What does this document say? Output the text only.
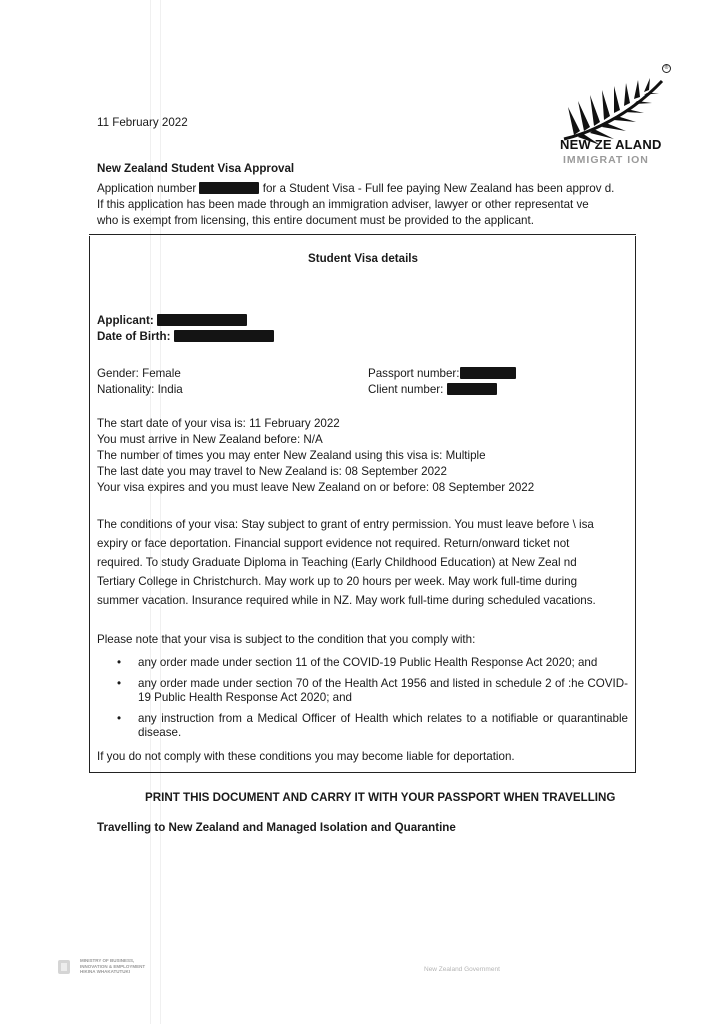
®
NEW ZE ALAND
IMMIGRAT ION
11 February 2022
New Zealand Student Visa Approval
Application number	for a Student Visa - Full fee paying New Zealand has been approv d.
If this application has been made through an immigration adviser, lawyer or other representat ve
who is exempt from licensing, this entire document must be provided to the applicant.
Student Visa details
Applicant:
Date of Birth:
Gender: Female
Nationality: India
Passport number:
Client number:
The start date of your visa is: 11 February 2022
You must arrive in New Zealand before: N/A
The number of times you may enter New Zealand using this visa is: Multiple
The last date you may travel to New Zealand is: 08 September 2022
Your visa expires and you must leave New Zealand on or before: 08 September 2022
The conditions of your visa: Stay subject to grant of entry permission. You must leave before \ isa
expiry or face deportation. Financial support evidence not required. Return/onward ticket not
required. To study Graduate Diploma in Teaching (Early Childhood Education) at New Zeal nd
Tertiary College in Christchurch. May work up to 20 hours per week. May work full-time during
summer vacation. Insurance required while in NZ. May work full-time during scheduled vacations.
Please note that your visa is subject to the condition that you comply with:
• any order made under section 11 of the COVID-19 Public Health Response Act 2020; and
• any order made under section 70 of the Health Act 1956 and listed in schedule 2 of :he COVID-19 Public Health Response Act 2020; and
• any instruction from a Medical Officer of Health which relates to a notifiable or quarantinable disease.
If you do not comply with these conditions you may become liable for deportation.
PRINT THIS DOCUMENT AND CARRY IT WITH YOUR PASSPORT WHEN TRAVELLING
Travelling to New Zealand and Managed Isolation and Quarantine
MINISTRY OF BUSINESS,
INNOVATION & EMPLOYMENT
HIKINA WHAKATUTUKI	New Zealand Government
